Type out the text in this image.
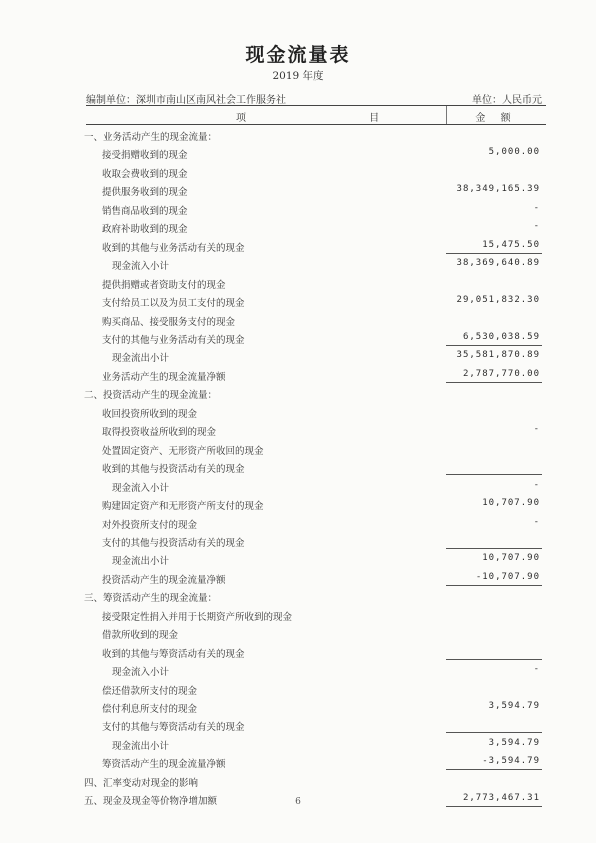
现金流量表
2019 年度
编制单位：深圳市南山区南风社会工作服务社	单位：人民币元
项 目	金 额
一、业务活动产生的现金流量：
接受捐赠收到的现金	5,000.00
收取会费收到的现金
提供服务收到的现金	38,349,165.39
销售商品收到的现金	-
政府补助收到的现金	-
收到的其他与业务活动有关的现金	15,475.50
现金流入小计	38,369,640.89
提供捐赠或者资助支付的现金
支付给员工以及为员工支付的现金	29,051,832.30
购买商品、接受服务支付的现金
支付的其他与业务活动有关的现金	6,530,038.59
现金流出小计	35,581,870.89
业务活动产生的现金流量净额	2,787,770.00
二、投资活动产生的现金流量：
收回投资所收到的现金
取得投资收益所收到的现金	-
处置固定资产、无形资产所收回的现金
收到的其他与投资活动有关的现金
现金流入小计	-
购建固定资产和无形资产所支付的现金	10,707.90
对外投资所支付的现金	-
支付的其他与投资活动有关的现金
现金流出小计	10,707.90
投资活动产生的现金流量净额	-10,707.90
三、筹资活动产生的现金流量：
接受限定性捐入并用于长期资产所收到的现金
借款所收到的现金
收到的其他与筹资活动有关的现金
现金流入小计	-
偿还借款所支付的现金
偿付利息所支付的现金	3,594.79
支付的其他与筹资活动有关的现金
现金流出小计	3,594.79
筹资活动产生的现金流量净额	-3,594.79
四、汇率变动对现金的影响
五、现金及现金等价物净增加额	2,773,467.31
6
